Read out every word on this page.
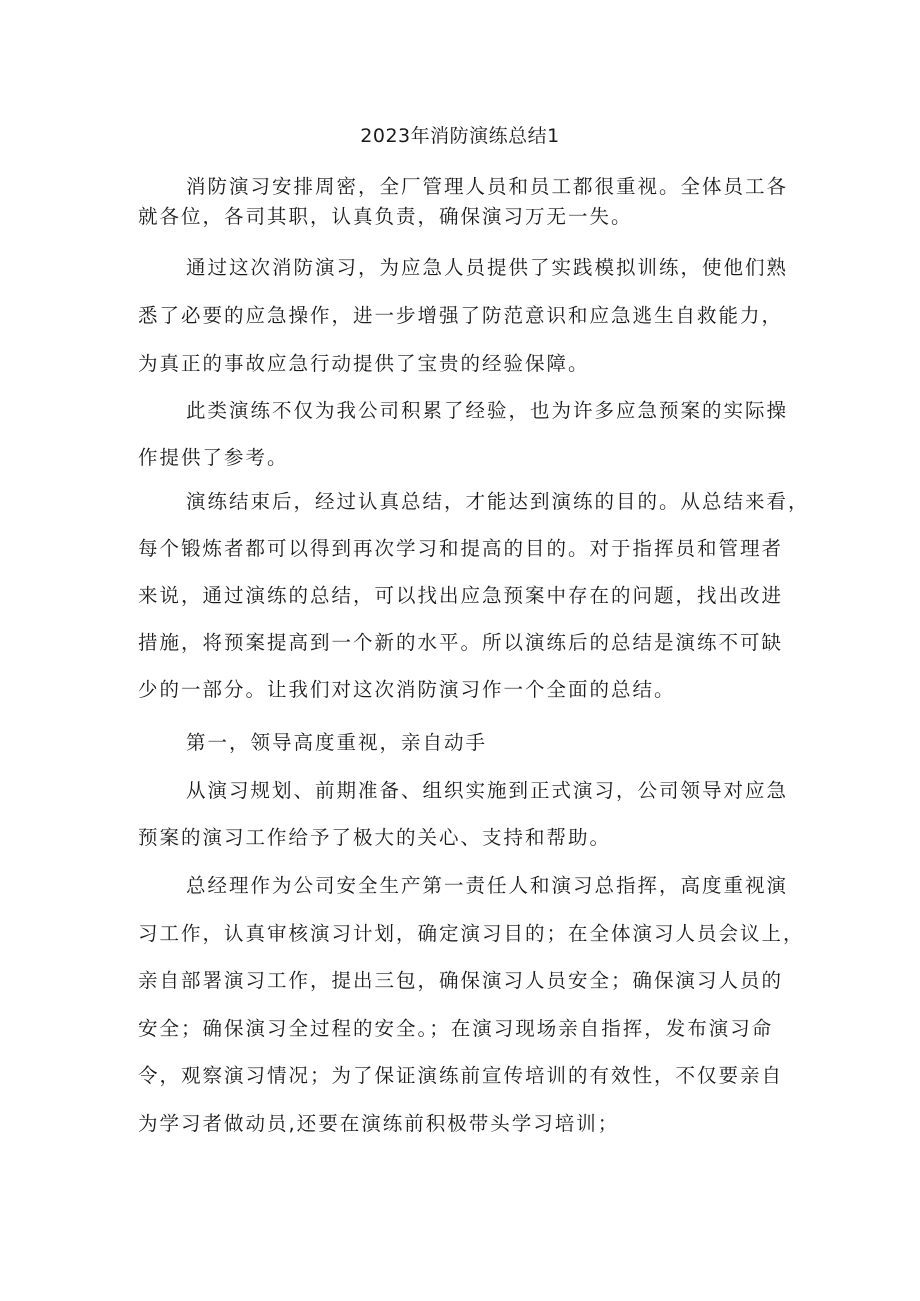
2023年消防演练总结1

消防演习安排周密，全厂管理人员和员工都很重视。全体员工各
就各位，各司其职，认真负责，确保演习万无一失。

通过这次消防演习，为应急人员提供了实践模拟训练，使他们熟
悉了必要的应急操作，进一步增强了防范意识和应急逃生自救能力，
为真正的事故应急行动提供了宝贵的经验保障。

此类演练不仅为我公司积累了经验，也为许多应急预案的实际操
作提供了参考。

演练结束后，经过认真总结，才能达到演练的目的。从总结来看，
每个锻炼者都可以得到再次学习和提高的目的。对于指挥员和管理者
来说，通过演练的总结，可以找出应急预案中存在的问题，找出改进
措施，将预案提高到一个新的水平。所以演练后的总结是演练不可缺
少的一部分。让我们对这次消防演习作一个全面的总结。

第一，领导高度重视，亲自动手

从演习规划、前期准备、组织实施到正式演习，公司领导对应急
预案的演习工作给予了极大的关心、支持和帮助。

总经理作为公司安全生产第一责任人和演习总指挥，高度重视演
习工作，认真审核演习计划，确定演习目的；在全体演习人员会议上，
亲自部署演习工作，提出三包，确保演习人员安全；确保演习人员的
安全；确保演习全过程的安全。；在演习现场亲自指挥，发布演习命
令，观察演习情况；为了保证演练前宣传培训的有效性，不仅要亲自
为学习者做动员,还要在演练前积极带头学习培训；
